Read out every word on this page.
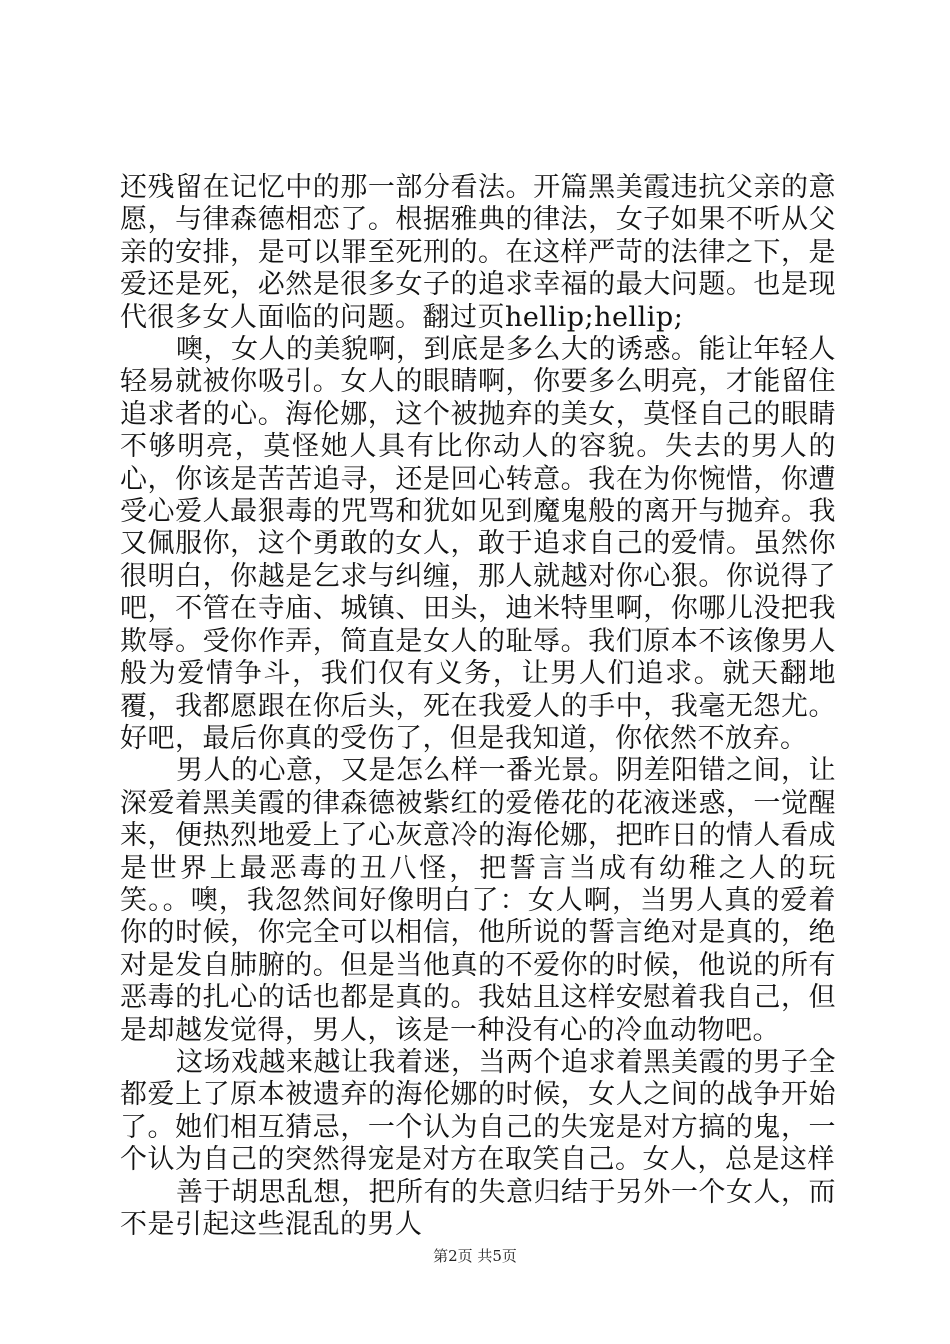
还残留在记忆中的那一部分看法。开篇黑美霞违抗父亲的意愿，与律森德相恋了。根据雅典的律法，女子如果不听从父亲的安排，是可以罪至死刑的。在这样严苛的法律之下，是爱还是死，必然是很多女子的追求幸福的最大问题。也是现代很多女人面临的问题。翻过页hellip;hellip;

噢，女人的美貌啊，到底是多么大的诱惑。能让年轻人轻易就被你吸引。女人的眼睛啊，你要多么明亮，才能留住追求者的心。海伦娜，这个被抛弃的美女，莫怪自己的眼睛不够明亮，莫怪她人具有比你动人的容貌。失去的男人的心，你该是苦苦追寻，还是回心转意。我在为你惋惜，你遭受心爱人最狠毒的咒骂和犹如见到魔鬼般的离开与抛弃。我又佩服你，这个勇敢的女人，敢于追求自己的爱情。虽然你很明白，你越是乞求与纠缠，那人就越对你心狠。你说得了吧，不管在寺庙、城镇、田头，迪米特里啊，你哪儿没把我欺辱。受你作弄，简直是女人的耻辱。我们原本不该像男人般为爱情争斗，我们仅有义务，让男人们追求。就天翻地覆，我都愿跟在你后头，死在我爱人的手中，我毫无怨尤。好吧，最后你真的受伤了，但是我知道，你依然不放弃。

男人的心意，又是怎么样一番光景。阴差阳错之间，让深爱着黑美霞的律森德被紫红的爱倦花的花液迷惑，一觉醒来，便热烈地爱上了心灰意冷的海伦娜，把昨日的情人看成是世界上最恶毒的丑八怪，把誓言当成有幼稚之人的玩笑。。噢，我忽然间好像明白了：女人啊，当男人真的爱着你的时候，你完全可以相信，他所说的誓言绝对是真的，绝对是发自肺腑的。但是当他真的不爱你的时候，他说的所有恶毒的扎心的话也都是真的。我姑且这样安慰着我自己，但是却越发觉得，男人，该是一种没有心的冷血动物吧。

这场戏越来越让我着迷，当两个追求着黑美霞的男子全都爱上了原本被遗弃的海伦娜的时候，女人之间的战争开始了。她们相互猜忌，一个认为自己的失宠是对方搞的鬼，一个认为自己的突然得宠是对方在取笑自己。女人，总是这样

善于胡思乱想，把所有的失意归结于另外一个女人，而不是引起这些混乱的男人

第2页 共5页
